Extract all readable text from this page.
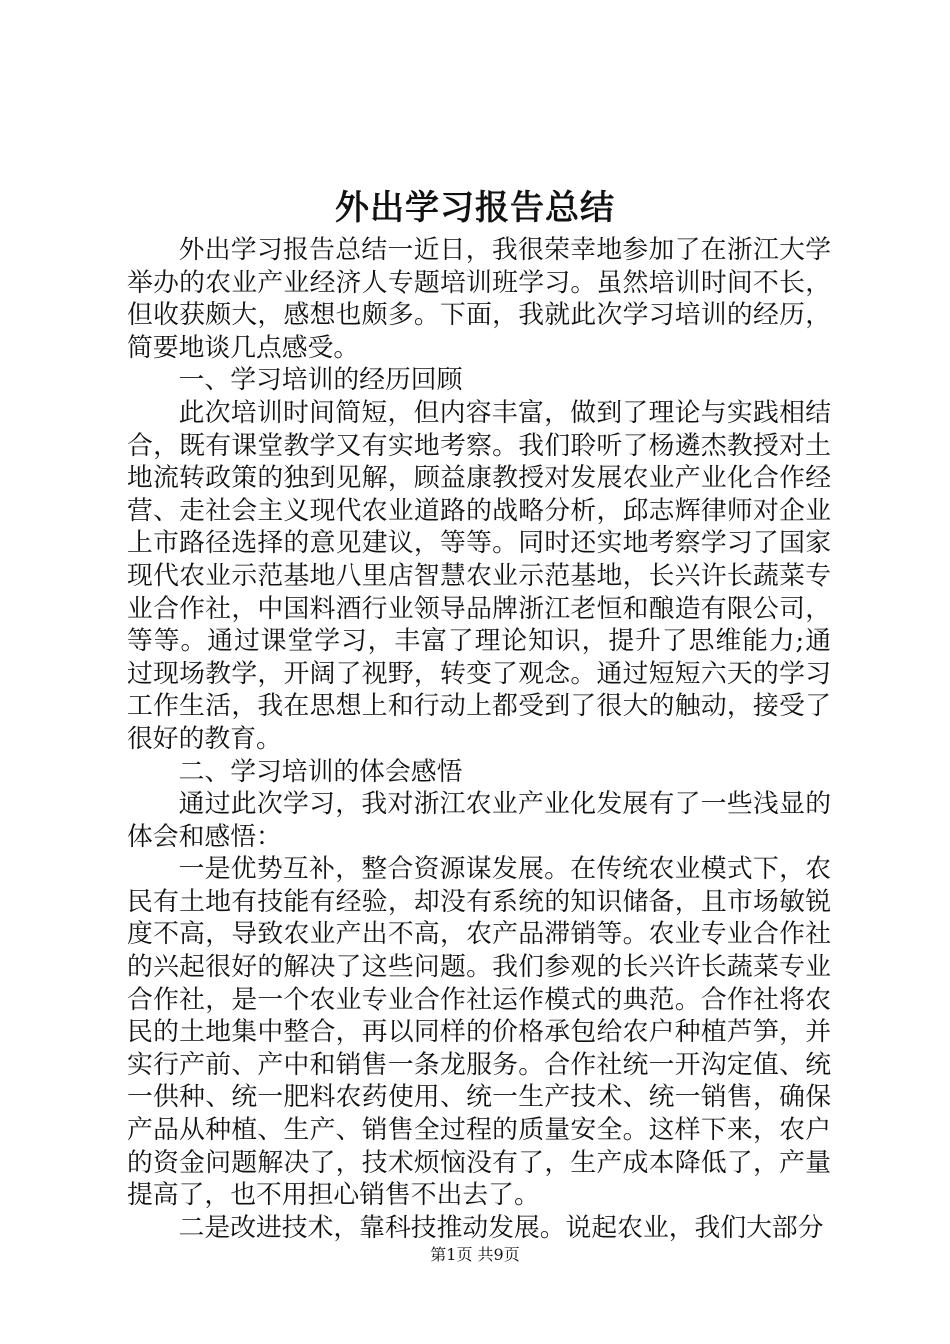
外出学习报告总结

外出学习报告总结一近日，我很荣幸地参加了在浙江大学举办的农业产业经济人专题培训班学习。虽然培训时间不长，但收获颇大，感想也颇多。下面，我就此次学习培训的经历，简要地谈几点感受。

一、学习培训的经历回顾

此次培训时间简短，但内容丰富，做到了理论与实践相结合，既有课堂教学又有实地考察。我们聆听了杨遴杰教授对土地流转政策的独到见解，顾益康教授对发展农业产业化合作经营、走社会主义现代农业道路的战略分析，邱志辉律师对企业上市路径选择的意见建议，等等。同时还实地考察学习了国家现代农业示范基地八里店智慧农业示范基地，长兴许长蔬菜专业合作社，中国料酒行业领导品牌浙江老恒和酿造有限公司，等等。通过课堂学习，丰富了理论知识，提升了思维能力;通过现场教学，开阔了视野，转变了观念。通过短短六天的学习工作生活，我在思想上和行动上都受到了很大的触动，接受了很好的教育。

二、学习培训的体会感悟

通过此次学习，我对浙江农业产业化发展有了一些浅显的体会和感悟：

一是优势互补，整合资源谋发展。在传统农业模式下，农民有土地有技能有经验，却没有系统的知识储备，且市场敏锐度不高，导致农业产出不高，农产品滞销等。农业专业合作社的兴起很好的解决了这些问题。我们参观的长兴许长蔬菜专业合作社，是一个农业专业合作社运作模式的典范。合作社将农民的土地集中整合，再以同样的价格承包给农户种植芦笋，并实行产前、产中和销售一条龙服务。合作社统一开沟定值、统一供种、统一肥料农药使用、统一生产技术、统一销售，确保产品从种植、生产、销售全过程的质量安全。这样下来，农户的资金问题解决了，技术烦恼没有了，生产成本降低了，产量提高了，也不用担心销售不出去了。

二是改进技术，靠科技推动发展。说起农业，我们大部分

第1页 共9页
